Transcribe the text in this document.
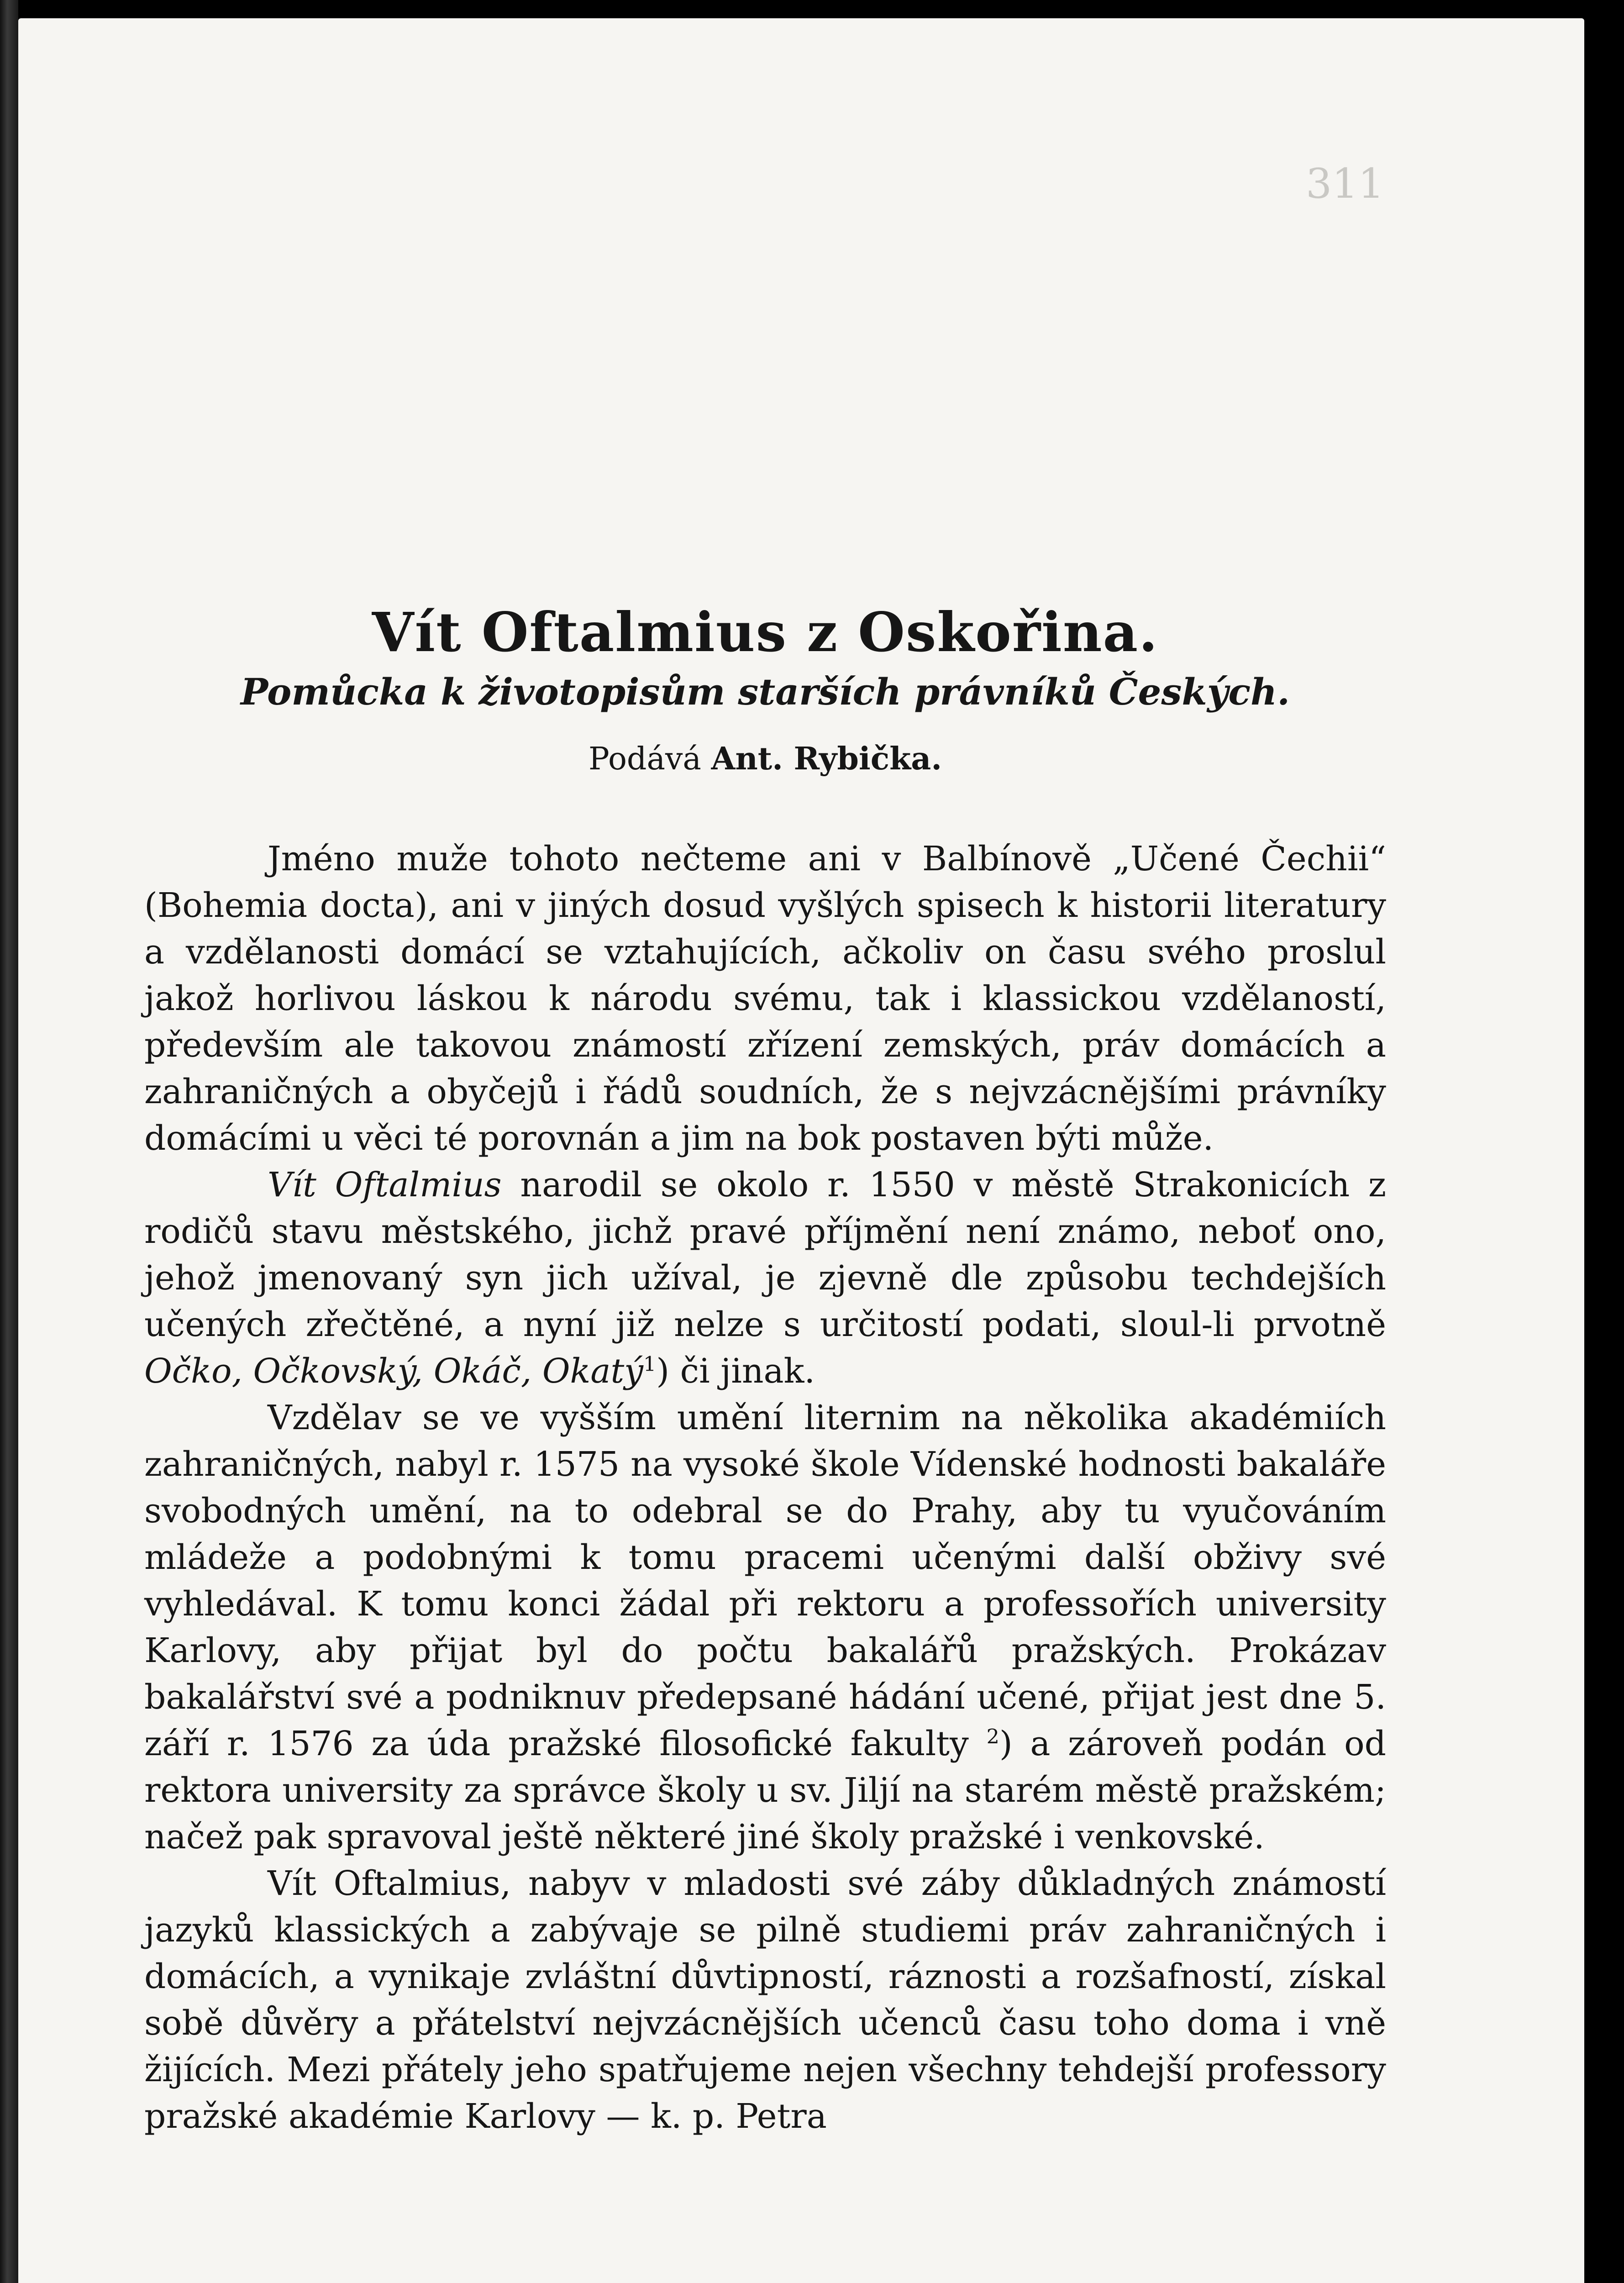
311
Vít Oftalmius z Oskořina.
Pomůcka k životopisům starších právníků Českých.
Podává Ant. Rybička.

Jméno muže tohoto nečteme ani v Balbínově „Učené Čechii“ (Bohemia docta), ani v jiných dosud vyšlých spisech k historii literatury a vzdělanosti domácí se vztahujících, ačkoliv on času svého proslul jakož horlivou láskou k národu svému, tak i klassickou vzdělaností, především ale takovou známostí zřízení zemských, práv domácích a zahraničných a obyčejů i řádů soudních, že s nejvzácnějšími právníky domácími u věci té porovnán a jim na bok postaven býti může.

Vít Oftalmius narodil se okolo r. 1550 v městě Strakonicích z rodičů stavu městského, jichž pravé příjmění není známo, neboť ono, jehož jmenovaný syn jich užíval, je zjevně dle způsobu techdejších učených zřečtěné, a nyní již nelze s určitostí podati, sloul-li prvotně Očko, Očkovský, Okáč, Okatý$^1$) či jinak.

Vzdělav se ve vyšším umění liternim na několika akadémiích zahraničných, nabyl r. 1575 na vysoké škole Vídenské hodnosti bakaláře svobodných umění, na to odebral se do Prahy, aby tu vyučováním mládeže a podobnými k tomu pracemi učenými další obživy své vyhledával. K tomu konci žádal při rektoru a professořích university Karlovy, aby přijat byl do počtu bakalářů pražských. Prokázav bakalářství své a podniknuv předepsané hádání učené, přijat jest dne 5. září r. 1576 za úda pražské filosofické fakulty $^2$) a zároveň podán od rektora university za správce školy u sv. Jiljí na starém městě pražském; načež pak spravoval ještě některé jiné školy pražské i venkovské.

Vít Oftalmius, nabyv v mladosti své záby důkladných známostí jazyků klassických a zabývaje se pilně studiemi práv zahraničných i domácích, a vynikaje zvláštní důvtipností, ráznosti a rozšafností, získal sobě důvěry a přátelství nejvzácnějších učenců času toho doma i vně žijících. Mezi přátely jeho spatřujeme nejen všechny tehdejší professory pražské akadémie Karlovy — k. p. Petra
